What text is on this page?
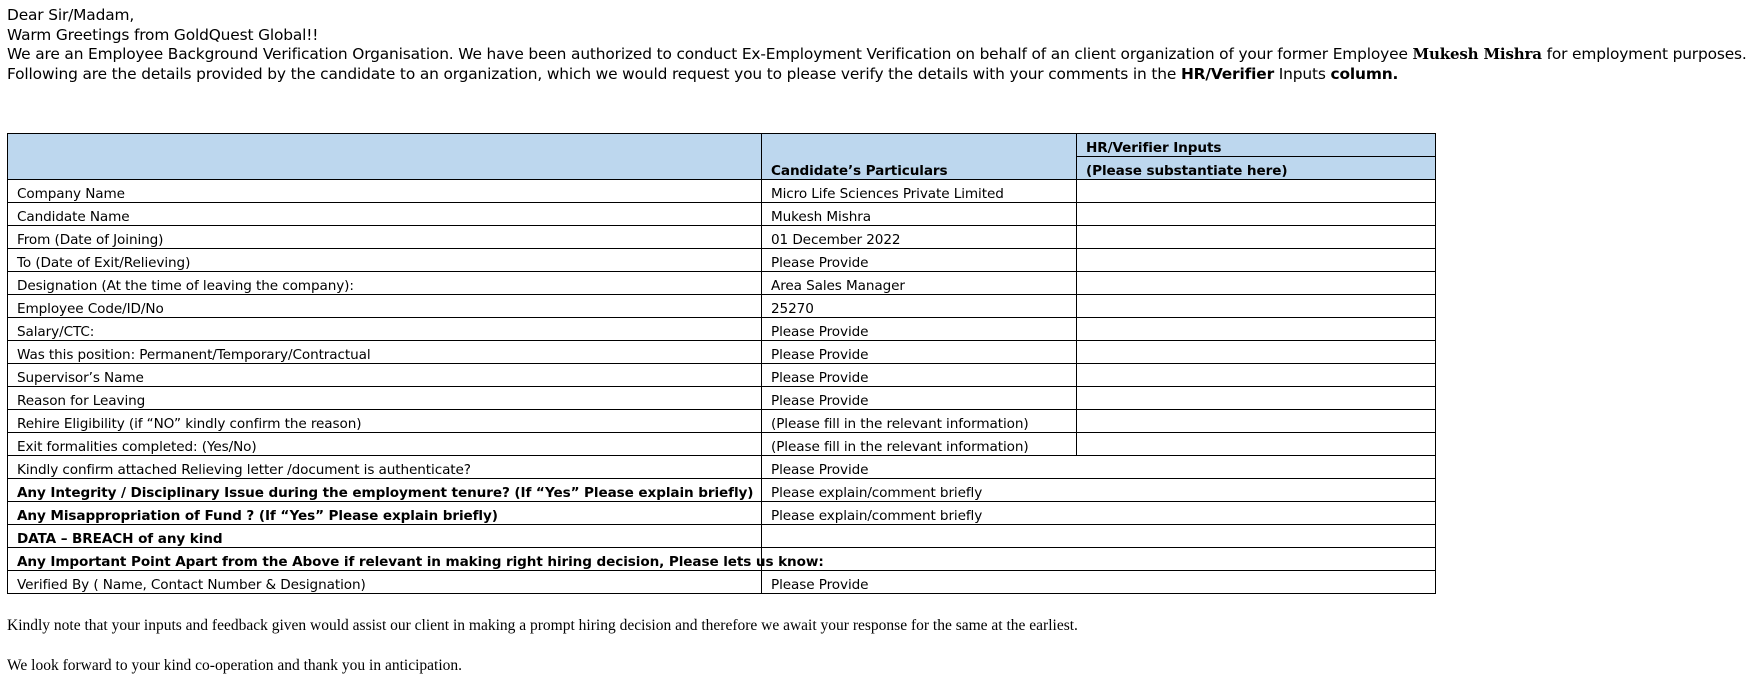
Dear Sir/Madam,
Warm Greetings from GoldQuest Global!!
We are an Employee Background Verification Organisation. We have been authorized to conduct Ex-Employment Verification on behalf of an client organization of your former Employee Mukesh Mishra for employment purposes.
Following are the details provided by the candidate to an organization, which we would request you to please verify the details with your comments in the HR/Verifier Inputs column.
	Candidate’s Particulars	HR/Verifier Inputs
		(Please substantiate here)
Company Name	Micro Life Sciences Private Limited	
Candidate Name	Mukesh Mishra	
From (Date of Joining)	01 December 2022	
To (Date of Exit/Relieving)	Please Provide	
Designation (At the time of leaving the company):	Area Sales Manager	
Employee Code/ID/No	25270	
Salary/CTC:	Please Provide	
Was this position: Permanent/Temporary/Contractual	Please Provide	
Supervisor’s Name	Please Provide	
Reason for Leaving	Please Provide	
Rehire Eligibility (if “NO” kindly confirm the reason)	(Please fill in the relevant information)	
Exit formalities completed: (Yes/No)	(Please fill in the relevant information)	
Kindly confirm attached Relieving letter /document is authenticate?	Please Provide	
Any Integrity / Disciplinary Issue during the employment tenure? (If “Yes” Please explain briefly)	Please explain/comment briefly	
Any Misappropriation of Fund ? (If “Yes” Please explain briefly)	Please explain/comment briefly	
DATA – BREACH of any kind		
Any Important Point Apart from the Above if relevant in making right hiring decision, Please lets us know:		
Verified By ( Name, Contact Number & Designation)	Please Provide	
Kindly note that your inputs and feedback given would assist our client in making a prompt hiring decision and therefore we await your response for the same at the earliest.
We look forward to your kind co-operation and thank you in anticipation.
